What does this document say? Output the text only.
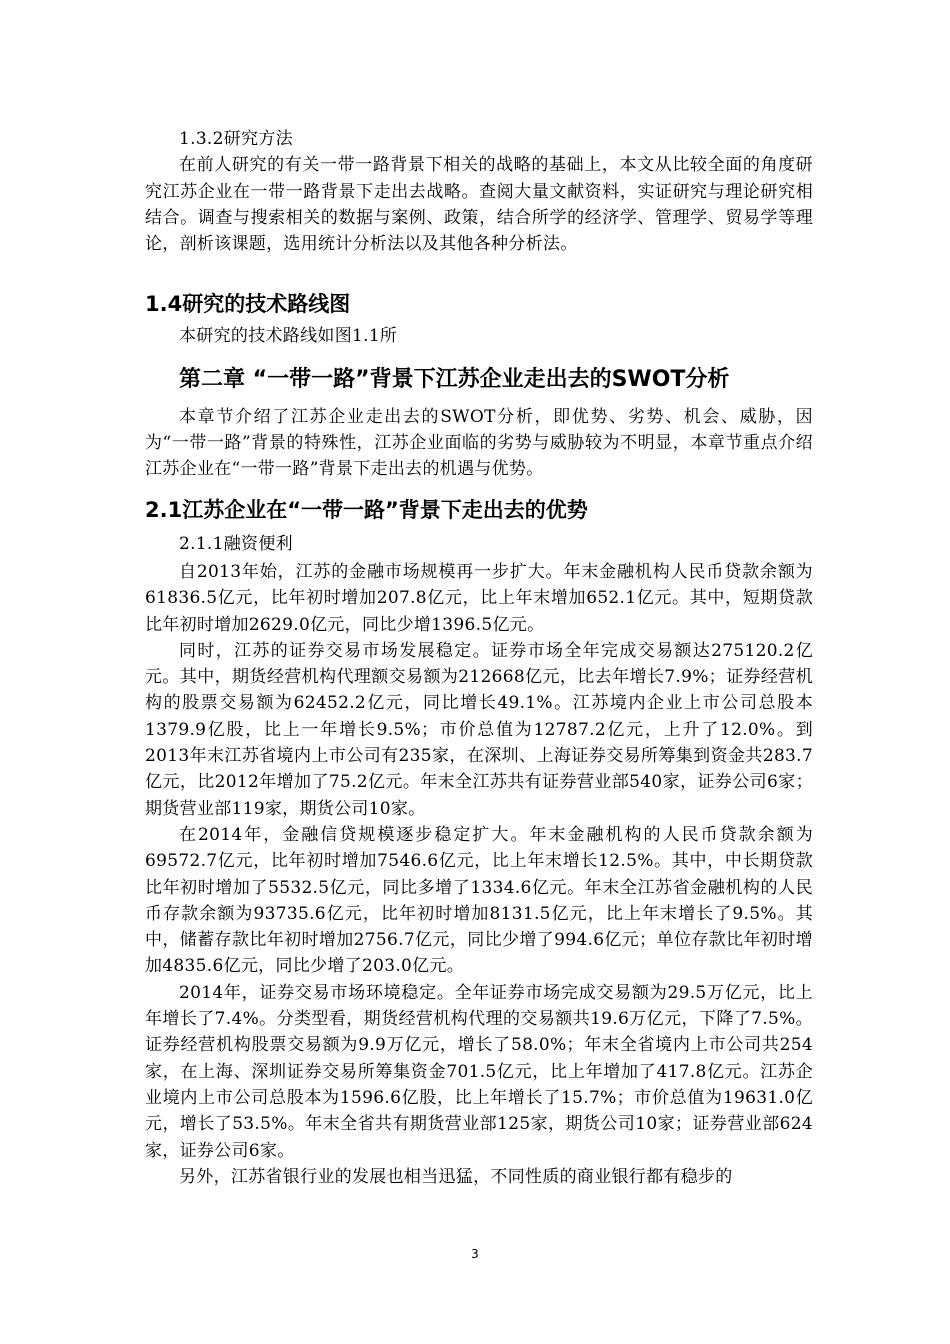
1.3.2研究方法

在前人研究的有关一带一路背景下相关的战略的基础上，本文从比较全面的角度研究江苏企业在一带一路背景下走出去战略。查阅大量文献资料，实证研究与理论研究相结合。调查与搜索相关的数据与案例、政策，结合所学的经济学、管理学、贸易学等理论，剖析该课题，选用统计分析法以及其他各种分析法。

1.4研究的技术路线图

本研究的技术路线如图1.1所

第二章 “一带一路”背景下江苏企业走出去的SWOT分析

本章节介绍了江苏企业走出去的SWOT分析，即优势、劣势、机会、威胁，因为“一带一路”背景的特殊性，江苏企业面临的劣势与威胁较为不明显，本章节重点介绍江苏企业在“一带一路”背景下走出去的机遇与优势。

2.1江苏企业在“一带一路”背景下走出去的优势

2.1.1融资便利

自2013年始，江苏的金融市场规模再一步扩大。年末金融机构人民币贷款余额为61836.5亿元，比年初时增加207.8亿元，比上年末增加652.1亿元。其中，短期贷款比年初时增加2629.0亿元，同比少增1396.5亿元。

同时，江苏的证券交易市场发展稳定。证券市场全年完成交易额达275120.2亿元。其中，期货经营机构代理额交易额为212668亿元，比去年增长7.9%；证券经营机构的股票交易额为62452.2亿元，同比增长49.1%。江苏境内企业上市公司总股本1379.9亿股，比上一年增长9.5%；市价总值为12787.2亿元，上升了12.0%。到2013年末江苏省境内上市公司有235家，在深圳、上海证券交易所筹集到资金共283.7亿元，比2012年增加了75.2亿元。年末全江苏共有证券营业部540家，证券公司6家；期货营业部119家，期货公司10家。

在2014年，金融信贷规模逐步稳定扩大。年末金融机构的人民币贷款余额为69572.7亿元，比年初时增加7546.6亿元，比上年末增长12.5%。其中，中长期贷款比年初时增加了5532.5亿元，同比多增了1334.6亿元。年末全江苏省金融机构的人民币存款余额为93735.6亿元，比年初时增加8131.5亿元，比上年末增长了9.5%。其中，储蓄存款比年初时增加2756.7亿元，同比少增了994.6亿元；单位存款比年初时增加4835.6亿元，同比少增了203.0亿元。

2014年，证券交易市场环境稳定。全年证券市场完成交易额为29.5万亿元，比上年增长了7.4%。分类型看，期货经营机构代理的交易额共19.6万亿元，下降了7.5%。证券经营机构股票交易额为9.9万亿元，增长了58.0%；年末全省境内上市公司共254家，在上海、深圳证券交易所筹集资金701.5亿元，比上年增加了417.8亿元。江苏企业境内上市公司总股本为1596.6亿股，比上年增长了15.7%；市价总值为19631.0亿元，增长了53.5%。年末全省共有期货营业部125家，期货公司10家；证券营业部624家，证券公司6家。

另外，江苏省银行业的发展也相当迅猛，不同性质的商业银行都有稳步的

3
